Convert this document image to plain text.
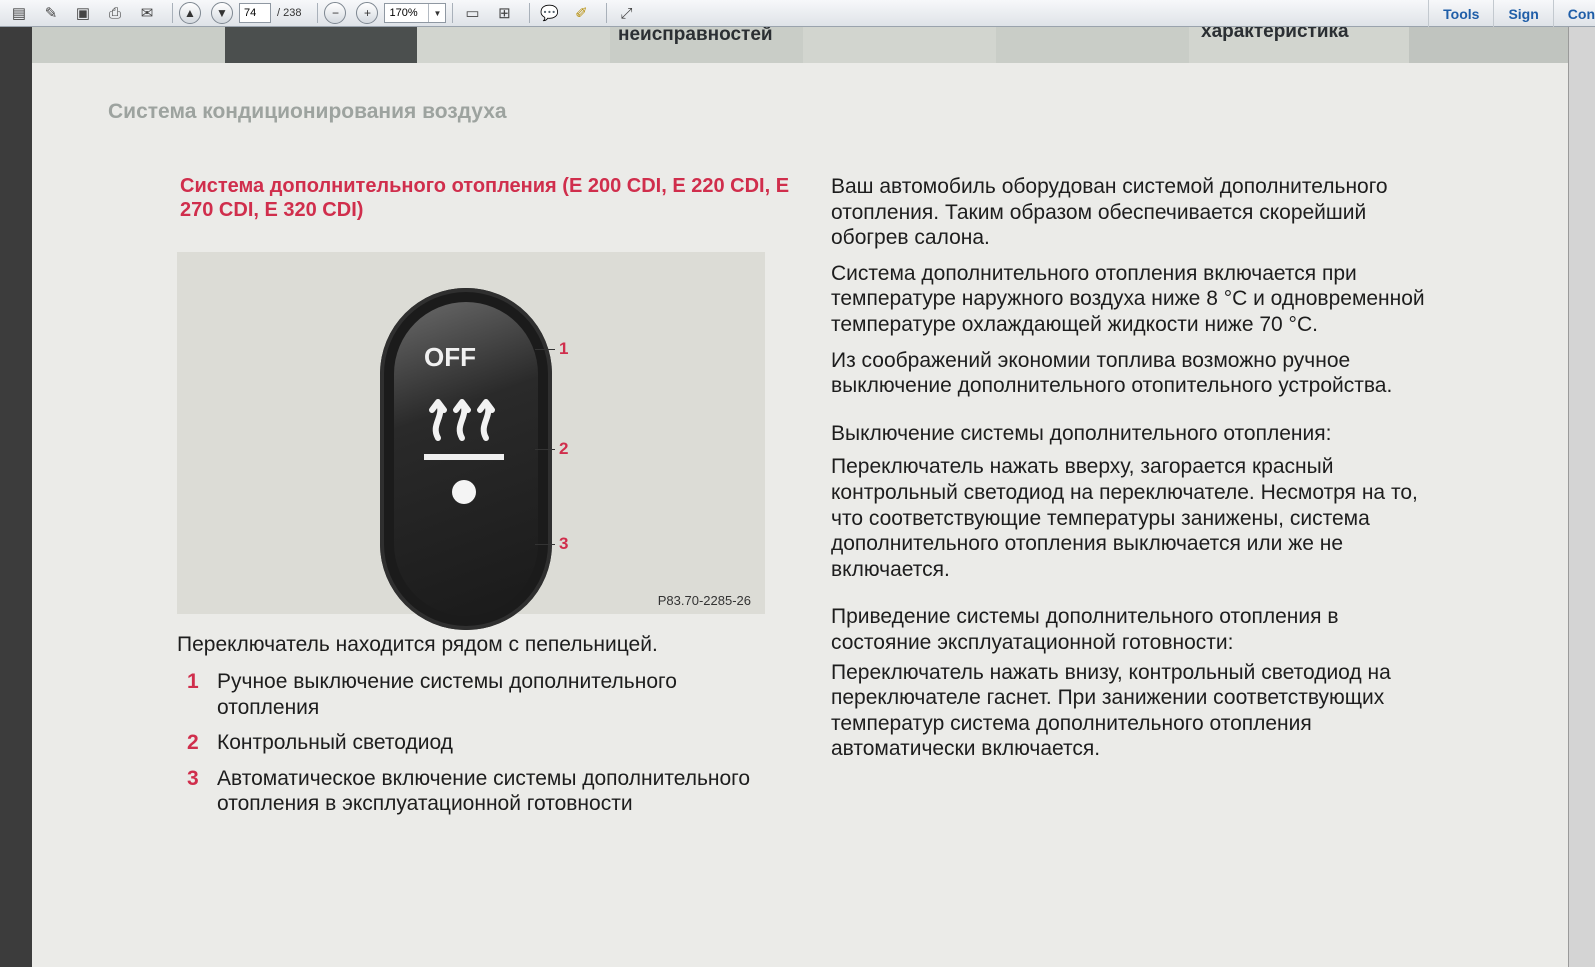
▤	✎	▣	⎙	✉	▲	▼	74	/ 238	−	+	170%	▼	▭	⊞	💬	✐	⤢	Tools	Sign	Con
неисправностей	характеристика
Система кондиционирования воздуха
Система дополнительного отопления (E 200 CDI, E 220 CDI, E 270 CDI, E 320 CDI)
OFF	1
2
3
P83.70-2285-26
Переключатель находится рядом с пепельницей.
1 Ручное выключение системы дополнительного отопления
2 Контрольный светодиод
3 Автоматическое включение системы дополнительного отопления в эксплуатационной готовности

Ваш автомобиль оборудован системой дополнительного отопления. Таким образом обеспечивается скорейший обогрев салона.

Система дополнительного отопления включается при температуре наружного воздуха ниже 8 °С и одновременной температуре охлаждающей жидкости ниже 70 °С.

Из соображений экономии топлива возможно ручное выключение дополнительного отопительного устройства.

Выключение системы дополнительного отопления:

Переключатель нажать вверху, загорается красный контрольный светодиод на переключателе. Несмотря на то, что соответствующие температуры занижены, система дополнительного отопления выключается или же не включается.

Приведение системы дополнительного отопления в состояние эксплуатационной готовности:

Переключатель нажать внизу, контрольный светодиод на переключателе гаснет. При занижении соответствующих температур система дополнительного отопления автоматически включается.
